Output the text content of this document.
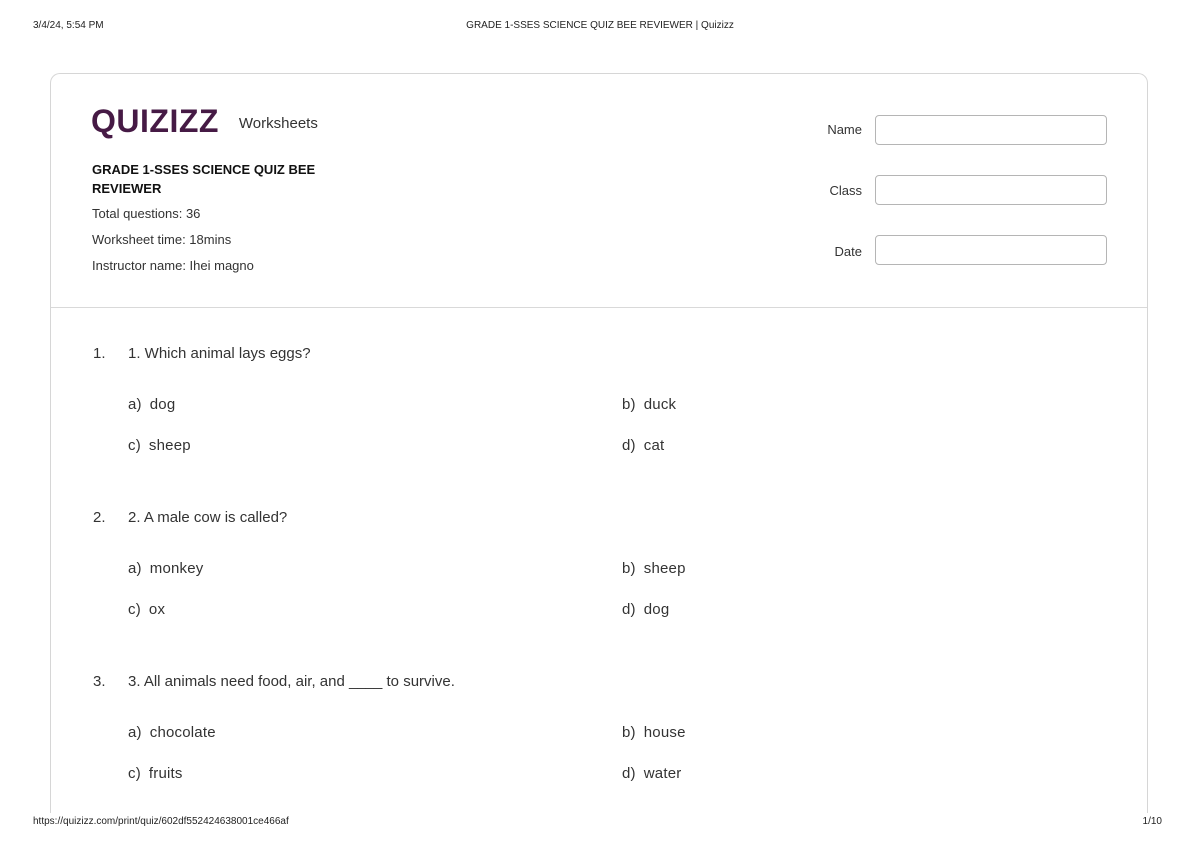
3/4/24, 5:54 PM	GRADE 1-SSES SCIENCE QUIZ BEE REVIEWER | Quizizz
QUIZIZZ Worksheets
GRADE 1-SSES SCIENCE QUIZ BEE REVIEWER
Total questions: 36
Worksheet time: 18mins
Instructor name: Ihei magno
Name
Class
Date
1. 1. Which animal lays eggs?
a) dog	b) duck
c) sheep	d) cat
2. 2. A male cow is called?
a) monkey	b) sheep
c) ox	d) dog
3. 3. All animals need food, air, and ____ to survive.
a) chocolate	b) house
c) fruits	d) water
https://quizizz.com/print/quiz/602df552424638001ce466af	1/10
